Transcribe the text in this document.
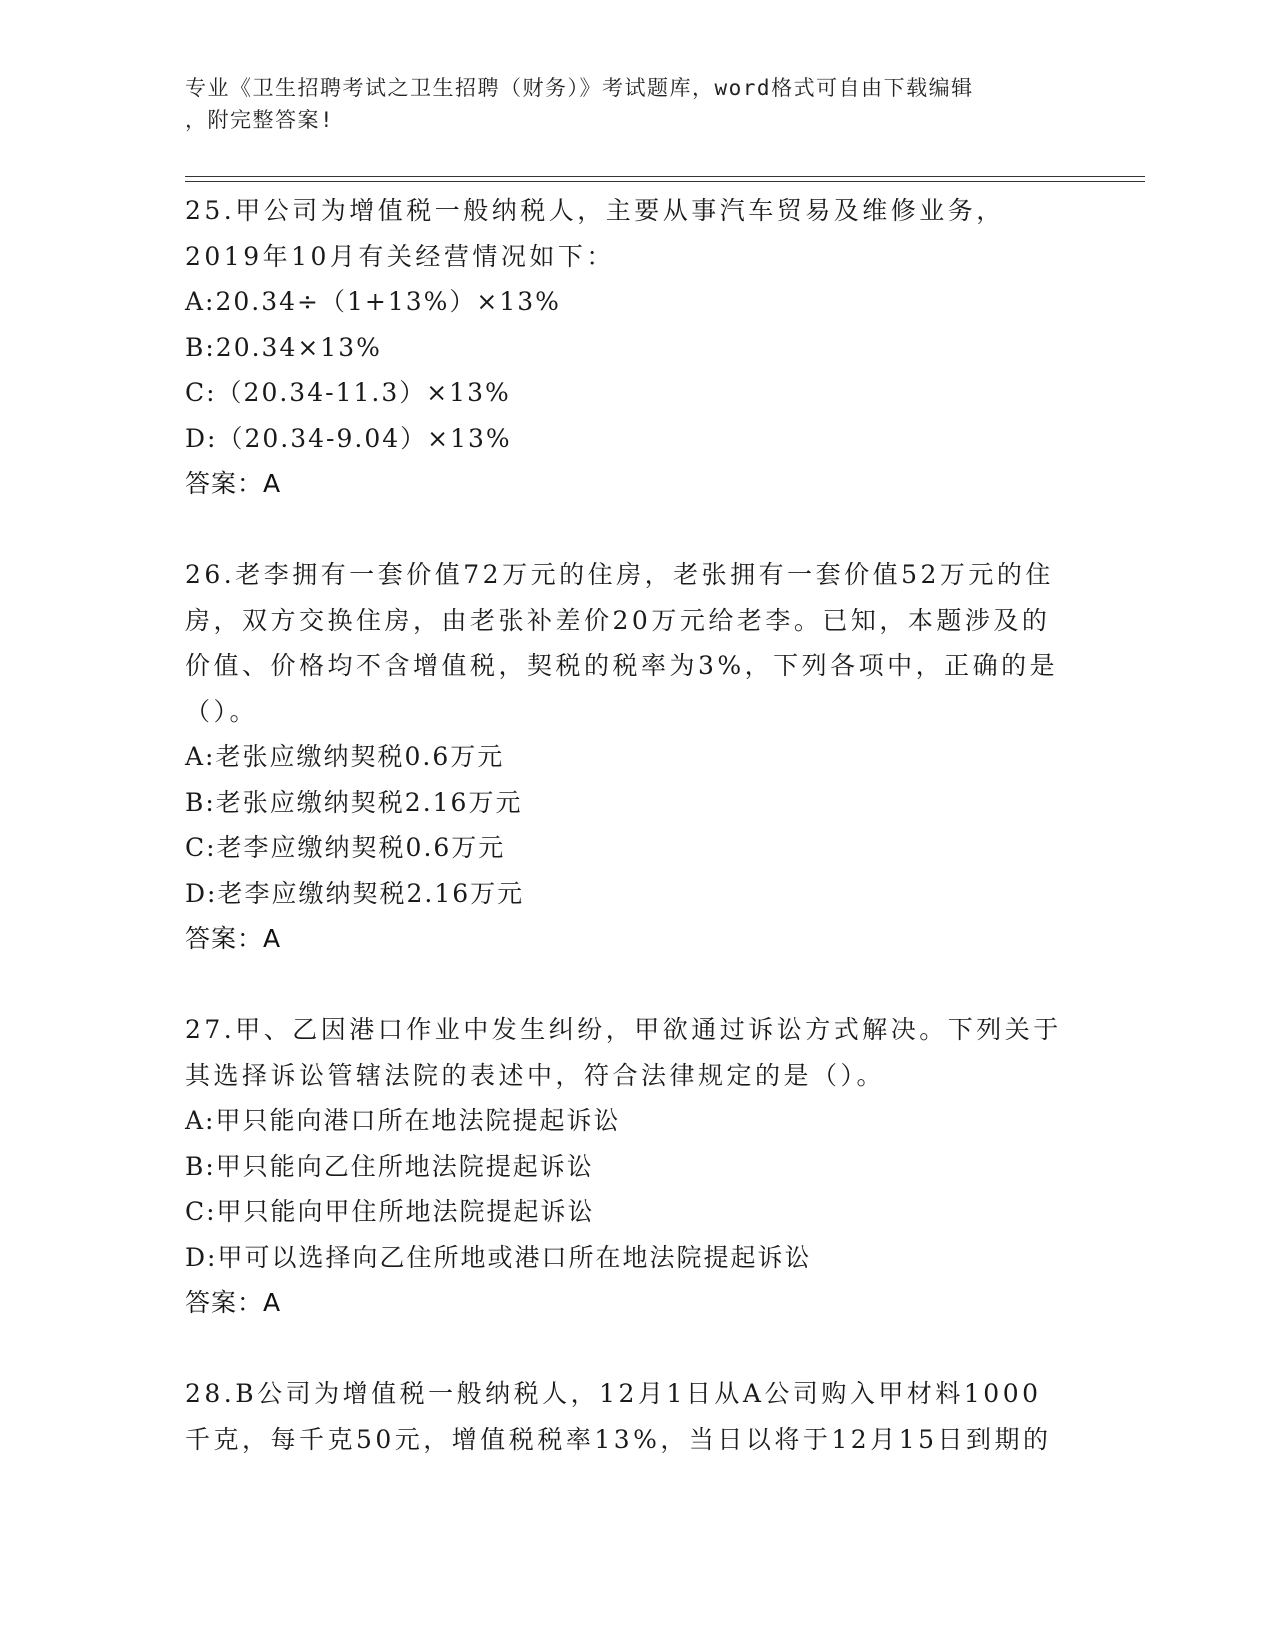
专业《卫生招聘考试之卫生招聘（财务）》考试题库，word格式可自由下载编辑
，附完整答案!
25.甲公司为增值税一般纳税人，主要从事汽车贸易及维修业务，2019年10月有关经营情况如下：
A:20.34÷（1+13%）×13%
B:20.34×13%
C:（20.34-11.3）×13%
D:（20.34-9.04）×13%
答案：A
26.老李拥有一套价值72万元的住房，老张拥有一套价值52万元的住房，双方交换住房，由老张补差价20万元给老李。已知，本题涉及的价值、价格均不含增值税，契税的税率为3%，下列各项中，正确的是（）。
A:老张应缴纳契税0.6万元
B:老张应缴纳契税2.16万元
C:老李应缴纳契税0.6万元
D:老李应缴纳契税2.16万元
答案：A
27.甲、乙因港口作业中发生纠纷，甲欲通过诉讼方式解决。下列关于其选择诉讼管辖法院的表述中，符合法律规定的是（）。
A:甲只能向港口所在地法院提起诉讼
B:甲只能向乙住所地法院提起诉讼
C:甲只能向甲住所地法院提起诉讼
D:甲可以选择向乙住所地或港口所在地法院提起诉讼
答案：A
28.B公司为增值税一般纳税人，12月1日从A公司购入甲材料1000千克，每千克50元，增值税税率13%，当日以将于12月15日到期的
